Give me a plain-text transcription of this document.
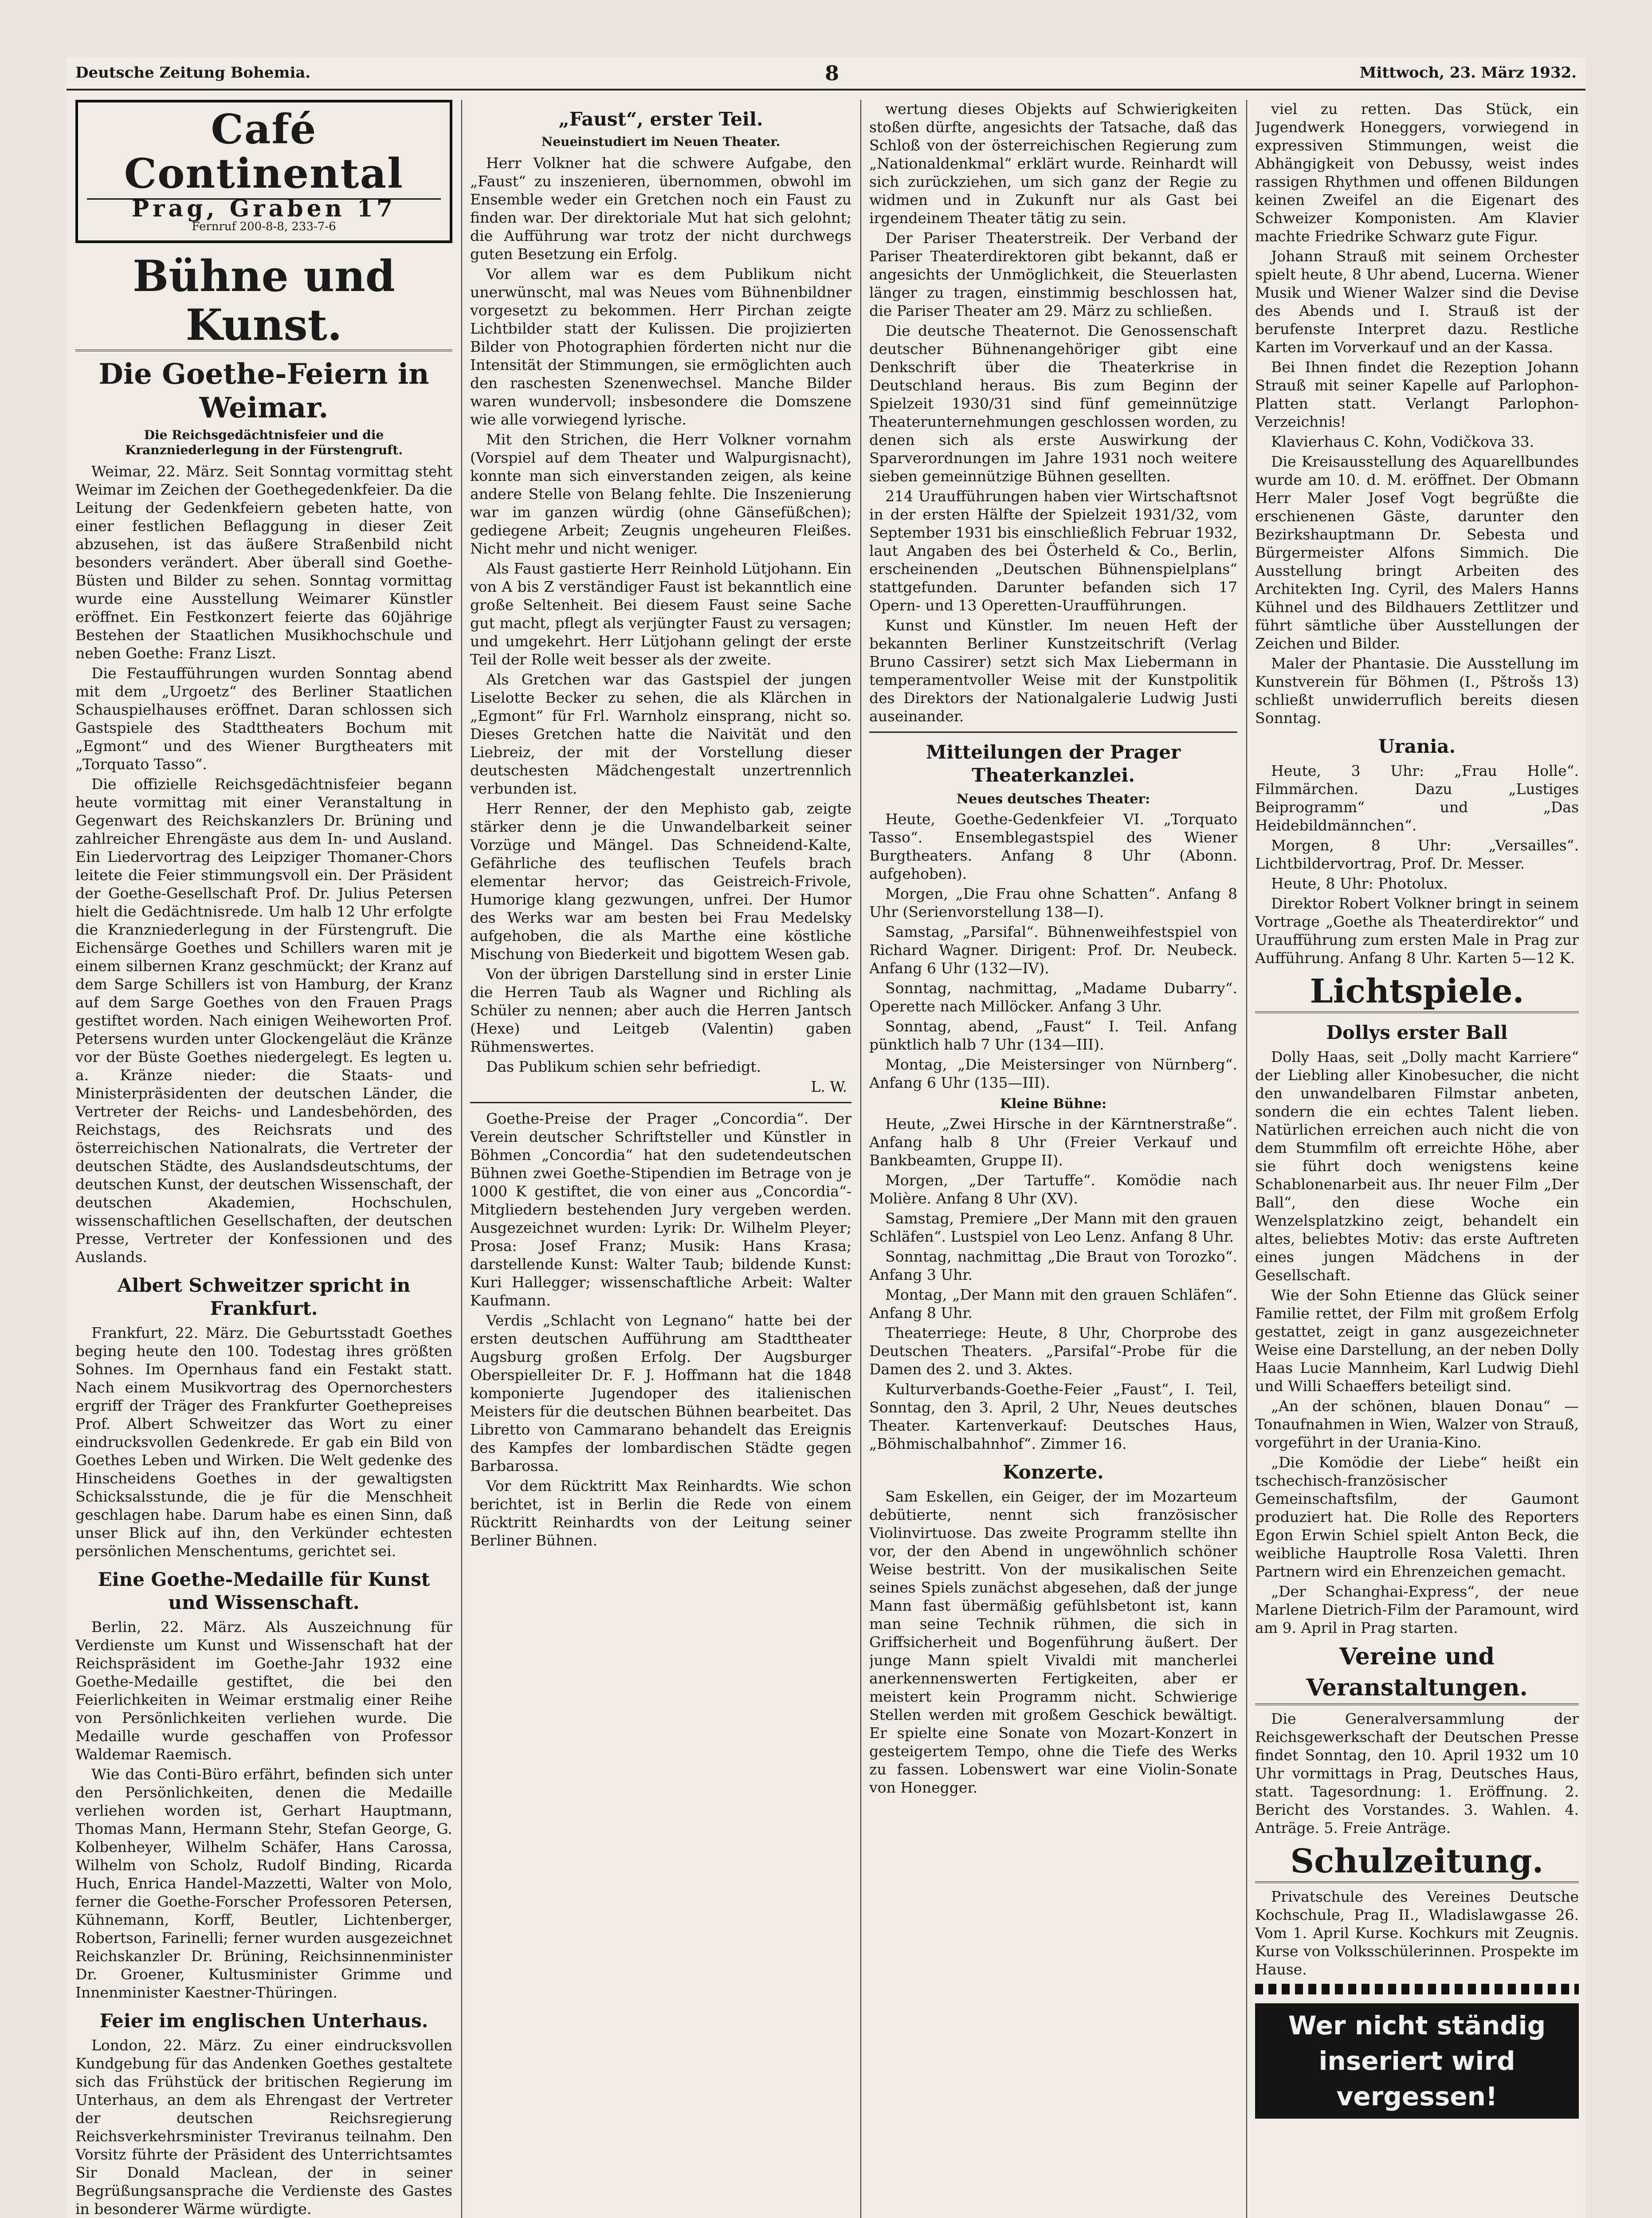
Deutsche Zeitung Bohemia.	8	Mittwoch, 23. März 1932.
Café Continental
Prag, Graben 17
Fernruf 200-8-8, 233-7-6
Bühne und Kunst.
Die Goethe-Feiern in Weimar.
Die Reichsgedächtnisfeier und die Kranzniederlegung in der Fürstengruft.

Weimar, 22. März. Seit Sonntag vormittag steht Weimar im Zeichen der Goethegedenkfeier. Da die Leitung der Gedenkfeiern gebeten hatte, von einer festlichen Beflaggung in dieser Zeit abzusehen, ist das äußere Straßenbild nicht besonders verändert. Aber überall sind Goethe-Büsten und Bilder zu sehen. Sonntag vormittag wurde eine Ausstellung Weimarer Künstler eröffnet. Ein Festkonzert feierte das 60jährige Bestehen der Staatlichen Musikhochschule und neben Goethe: Franz Liszt.

Die Festaufführungen wurden Sonntag abend mit dem „Urgoetz“ des Berliner Staatlichen Schauspielhauses eröffnet. Daran schlossen sich Gastspiele des Stadttheaters Bochum mit „Egmont“ und des Wiener Burgtheaters mit „Torquato Tasso“.

Die offizielle Reichsgedächtnisfeier begann heute vormittag mit einer Veranstaltung in Gegenwart des Reichskanzlers Dr. Brüning und zahlreicher Ehrengäste aus dem In- und Ausland. Ein Liedervortrag des Leipziger Thomaner-Chors leitete die Feier stimmungsvoll ein. Der Präsident der Goethe-Gesellschaft Prof. Dr. Julius Petersen hielt die Gedächtnisrede. Um halb 12 Uhr erfolgte die Kranzniederlegung in der Fürstengruft. Die Eichensärge Goethes und Schillers waren mit je einem silbernen Kranz geschmückt; der Kranz auf dem Sarge Schillers ist von Hamburg, der Kranz auf dem Sarge Goethes von den Frauen Prags gestiftet worden. Nach einigen Weiheworten Prof. Petersens wurden unter Glockengeläut die Kränze vor der Büste Goethes niedergelegt. Es legten u. a. Kränze nieder: die Staats- und Ministerpräsidenten der deutschen Länder, die Vertreter der Reichs- und Landesbehörden, des Reichstags, des Reichsrats und des österreichischen Nationalrats, die Vertreter der deutschen Städte, des Auslandsdeutschtums, der deutschen Kunst, der deutschen Wissenschaft, der deutschen Akademien, Hochschulen, wissenschaftlichen Gesellschaften, der deutschen Presse, Vertreter der Konfessionen und des Auslands.

Albert Schweitzer spricht in Frankfurt.

Frankfurt, 22. März. Die Geburtsstadt Goethes beging heute den 100. Todestag ihres größten Sohnes. Im Opernhaus fand ein Festakt statt. Nach einem Musikvortrag des Opernorchesters ergriff der Träger des Frankfurter Goethepreises Prof. Albert Schweitzer das Wort zu einer eindrucksvollen Gedenkrede. Er gab ein Bild von Goethes Leben und Wirken. Die Welt gedenke des Hinscheidens Goethes in der gewaltigsten Schicksalsstunde, die je für die Menschheit geschlagen habe. Darum habe es einen Sinn, daß unser Blick auf ihn, den Verkünder echtesten persönlichen Menschentums, gerichtet sei.

Eine Goethe-Medaille für Kunst und Wissenschaft.

Berlin, 22. März. Als Auszeichnung für Verdienste um Kunst und Wissenschaft hat der Reichspräsident im Goethe-Jahr 1932 eine Goethe-Medaille gestiftet, die bei den Feierlichkeiten in Weimar erstmalig einer Reihe von Persönlichkeiten verliehen wurde. Die Medaille wurde geschaffen von Professor Waldemar Raemisch.

Wie das Conti-Büro erfährt, befinden sich unter den Persönlichkeiten, denen die Medaille verliehen worden ist, Gerhart Hauptmann, Thomas Mann, Hermann Stehr, Stefan George, G. Kolbenheyer, Wilhelm Schäfer, Hans Carossa, Wilhelm von Scholz, Rudolf Binding, Ricarda Huch, Enrica Handel-Mazzetti, Walter von Molo, ferner die Goethe-Forscher Professoren Petersen, Kühnemann, Korff, Beutler, Lichtenberger, Robertson, Farinelli; ferner wurden ausgezeichnet Reichskanzler Dr. Brüning, Reichsinnenminister Dr. Groener, Kultusminister Grimme und Innenminister Kaestner-Thüringen.

Feier im englischen Unterhaus.

London, 22. März. Zu einer eindrucksvollen Kundgebung für das Andenken Goethes gestaltete sich das Frühstück der britischen Regierung im Unterhaus, an dem als Ehrengast der Vertreter der deutschen Reichsregierung Reichsverkehrsminister Treviranus teilnahm. Den Vorsitz führte der Präsident des Unterrichtsamtes Sir Donald Maclean, der in seiner Begrüßungsansprache die Verdienste des Gastes in besonderer Wärme würdigte.

„Faust“, erster Teil.
Neueinstudiert im Neuen Theater.

Herr Volkner hat die schwere Aufgabe, den „Faust“ zu inszenieren, übernommen, obwohl im Ensemble weder ein Gretchen noch ein Faust zu finden war. Der direktoriale Mut hat sich gelohnt; die Aufführung war trotz der nicht durchwegs guten Besetzung ein Erfolg.

Vor allem war es dem Publikum nicht unerwünscht, mal was Neues vom Bühnenbildner vorgesetzt zu bekommen. Herr Pirchan zeigte Lichtbilder statt der Kulissen. Die projizierten Bilder von Photographien förderten nicht nur die Intensität der Stimmungen, sie ermöglichten auch den raschesten Szenenwechsel. Manche Bilder waren wundervoll; insbesondere die Domszene wie alle vorwiegend lyrische.

Mit den Strichen, die Herr Volkner vornahm (Vorspiel auf dem Theater und Walpurgisnacht), konnte man sich einverstanden zeigen, als keine andere Stelle von Belang fehlte. Die Inszenierung war im ganzen würdig (ohne Gänsefüßchen); gediegene Arbeit; Zeugnis ungeheuren Fleißes. Nicht mehr und nicht weniger.

Als Faust gastierte Herr Reinhold Lütjohann. Ein von A bis Z verständiger Faust ist bekanntlich eine große Seltenheit. Bei diesem Faust seine Sache gut macht, pflegt als verjüngter Faust zu versagen; und umgekehrt. Herr Lütjohann gelingt der erste Teil der Rolle weit besser als der zweite.

Als Gretchen war das Gastspiel der jungen Liselotte Becker zu sehen, die als Klärchen in „Egmont“ für Frl. Warnholz einsprang, nicht so. Dieses Gretchen hatte die Naivität und den Liebreiz, der mit der Vorstellung dieser deutschesten Mädchengestalt unzertrennlich verbunden ist.

Herr Renner, der den Mephisto gab, zeigte stärker denn je die Unwandelbarkeit seiner Vorzüge und Mängel. Das Schneidend-Kalte, Gefährliche des teuflischen Teufels brach elementar hervor; das Geistreich-Frivole, Humorige klang gezwungen, unfrei. Der Humor des Werks war am besten bei Frau Medelsky aufgehoben, die als Marthe eine köstliche Mischung von Biederkeit und bigottem Wesen gab.

Von der übrigen Darstellung sind in erster Linie die Herren Taub als Wagner und Richling als Schüler zu nennen; aber auch die Herren Jantsch (Hexe) und Leitgeb (Valentin) gaben Rühmenswertes.

Das Publikum schien sehr befriedigt.

L. W.

Goethe-Preise der Prager „Concordia“. Der Verein deutscher Schriftsteller und Künstler in Böhmen „Concordia“ hat den sudetendeutschen Bühnen zwei Goethe-Stipendien im Betrage von je 1000 K gestiftet, die von einer aus „Concordia“-Mitgliedern bestehenden Jury vergeben werden. Ausgezeichnet wurden: Lyrik: Dr. Wilhelm Pleyer; Prosa: Josef Franz; Musik: Hans Krasa; darstellende Kunst: Walter Taub; bildende Kunst: Kuri Hallegger; wissenschaftliche Arbeit: Walter Kaufmann.

Verdis „Schlacht von Legnano“ hatte bei der ersten deutschen Aufführung am Stadttheater Augsburg großen Erfolg. Der Augsburger Oberspielleiter Dr. F. J. Hoffmann hat die 1848 komponierte Jugendoper des italienischen Meisters für die deutschen Bühnen bearbeitet. Das Libretto von Cammarano behandelt das Ereignis des Kampfes der lombardischen Städte gegen Barbarossa.

Vor dem Rücktritt Max Reinhardts. Wie schon berichtet, ist in Berlin die Rede von einem Rücktritt Reinhardts von der Leitung seiner Berliner Bühnen.

wertung dieses Objekts auf Schwierigkeiten stoßen dürfte, angesichts der Tatsache, daß das Schloß von der österreichischen Regierung zum „Nationaldenkmal“ erklärt wurde. Reinhardt will sich zurückziehen, um sich ganz der Regie zu widmen und in Zukunft nur als Gast bei irgendeinem Theater tätig zu sein.

Der Pariser Theaterstreik. Der Verband der Pariser Theaterdirektoren gibt bekannt, daß er angesichts der Unmöglichkeit, die Steuerlasten länger zu tragen, einstimmig beschlossen hat, die Pariser Theater am 29. März zu schließen.

Die deutsche Theaternot. Die Genossenschaft deutscher Bühnenangehöriger gibt eine Denkschrift über die Theaterkrise in Deutschland heraus. Bis zum Beginn der Spielzeit 1930/31 sind fünf gemeinnützige Theaterunternehmungen geschlossen worden, zu denen sich als erste Auswirkung der Sparverordnungen im Jahre 1931 noch weitere sieben gemeinnützige Bühnen gesellten.

214 Uraufführungen haben vier Wirtschaftsnot in der ersten Hälfte der Spielzeit 1931/32, vom September 1931 bis einschließlich Februar 1932, laut Angaben des bei Österheld & Co., Berlin, erscheinenden „Deutschen Bühnenspielplans“ stattgefunden. Darunter befanden sich 17 Opern- und 13 Operetten-Uraufführungen.

Kunst und Künstler. Im neuen Heft der bekannten Berliner Kunstzeitschrift (Verlag Bruno Cassirer) setzt sich Max Liebermann in temperamentvoller Weise mit der Kunstpolitik des Direktors der Nationalgalerie Ludwig Justi auseinander.

Mitteilungen der Prager Theaterkanzlei.
Neues deutsches Theater:

Heute, Goethe-Gedenkfeier VI. „Torquato Tasso“. Ensemblegastspiel des Wiener Burgtheaters. Anfang 8 Uhr (Abonn. aufgehoben).

Morgen, „Die Frau ohne Schatten“. Anfang 8 Uhr (Serienvorstellung 138—I).

Samstag, „Parsifal“. Bühnenweihfestspiel von Richard Wagner. Dirigent: Prof. Dr. Neubeck. Anfang 6 Uhr (132—IV).

Sonntag, nachmittag, „Madame Dubarry“. Operette nach Millöcker. Anfang 3 Uhr.

Sonntag, abend, „Faust“ I. Teil. Anfang pünktlich halb 7 Uhr (134—III).

Montag, „Die Meistersinger von Nürnberg“. Anfang 6 Uhr (135—III).

Kleine Bühne:

Heute, „Zwei Hirsche in der Kärntnerstraße“. Anfang halb 8 Uhr (Freier Verkauf und Bankbeamten, Gruppe II).

Morgen, „Der Tartuffe“. Komödie nach Molière. Anfang 8 Uhr (XV).

Samstag, Premiere „Der Mann mit den grauen Schläfen“. Lustspiel von Leo Lenz. Anfang 8 Uhr.

Sonntag, nachmittag „Die Braut von Torozko“. Anfang 3 Uhr.

Montag, „Der Mann mit den grauen Schläfen“. Anfang 8 Uhr.

Theaterriege: Heute, 8 Uhr, Chorprobe des Deutschen Theaters. „Parsifal“-Probe für die Damen des 2. und 3. Aktes.

Kulturverbands-Goethe-Feier „Faust“, I. Teil, Sonntag, den 3. April, 2 Uhr, Neues deutsches Theater. Kartenverkauf: Deutsches Haus, „Böhmischalbahnhof“. Zimmer 16.

Konzerte.

Sam Eskellen, ein Geiger, der im Mozarteum debütierte, nennt sich französischer Violinvirtuose. Das zweite Programm stellte ihn vor, der den Abend in ungewöhnlich schöner Weise bestritt. Von der musikalischen Seite seines Spiels zunächst abgesehen, daß der junge Mann fast übermäßig gefühlsbetont ist, kann man seine Technik rühmen, die sich in Griffsicherheit und Bogenführung äußert. Der junge Mann spielt Vivaldi mit mancherlei anerkennenswerten Fertigkeiten, aber er meistert kein Programm nicht. Schwierige Stellen werden mit großem Geschick bewältigt. Er spielte eine Sonate von Mozart-Konzert in gesteigertem Tempo, ohne die Tiefe des Werks zu fassen. Lobenswert war eine Violin-Sonate von Honegger.

viel zu retten. Das Stück, ein Jugendwerk Honeggers, vorwiegend in expressiven Stimmungen, weist die Abhängigkeit von Debussy, weist indes rassigen Rhythmen und offenen Bildungen keinen Zweifel an die Eigenart des Schweizer Komponisten. Am Klavier machte Friedrike Schwarz gute Figur.

Johann Strauß mit seinem Orchester spielt heute, 8 Uhr abend, Lucerna. Wiener Musik und Wiener Walzer sind die Devise des Abends und I. Strauß ist der berufenste Interpret dazu. Restliche Karten im Vorverkauf und an der Kassa.

Bei Ihnen findet die Rezeption Johann Strauß mit seiner Kapelle auf Parlophon-Platten statt. Verlangt Parlophon-Verzeichnis!

Klavierhaus C. Kohn, Vodičkova 33.

Die Kreisausstellung des Aquarellbundes wurde am 10. d. M. eröffnet. Der Obmann Herr Maler Josef Vogt begrüßte die erschienenen Gäste, darunter den Bezirkshauptmann Dr. Sebesta und Bürgermeister Alfons Simmich. Die Ausstellung bringt Arbeiten des Architekten Ing. Cyril, des Malers Hanns Kühnel und des Bildhauers Zettlitzer und führt sämtliche über Ausstellungen der Zeichen und Bilder.

Maler der Phantasie. Die Ausstellung im Kunstverein für Böhmen (I., Pštrošs 13) schließt unwiderruflich bereits diesen Sonntag.

Urania.

Heute, 3 Uhr: „Frau Holle“. Filmmärchen. Dazu „Lustiges Beiprogramm“ und „Das Heidebildmännchen“.

Morgen, 8 Uhr: „Versailles“. Lichtbildervortrag, Prof. Dr. Messer.

Heute, 8 Uhr: Photolux.

Direktor Robert Volkner bringt in seinem Vortrage „Goethe als Theaterdirektor“ und Uraufführung zum ersten Male in Prag zur Aufführung. Anfang 8 Uhr. Karten 5—12 K.

Lichtspiele.
Dollys erster Ball

Dolly Haas, seit „Dolly macht Karriere“ der Liebling aller Kinobesucher, die nicht den unwandelbaren Filmstar anbeten, sondern die ein echtes Talent lieben. Natürlichen erreichen auch nicht die von dem Stummfilm oft erreichte Höhe, aber sie führt doch wenigstens keine Schablonenarbeit aus. Ihr neuer Film „Der Ball“, den diese Woche ein Wenzelsplatzkino zeigt, behandelt ein altes, beliebtes Motiv: das erste Auftreten eines jungen Mädchens in der Gesellschaft.

Wie der Sohn Etienne das Glück seiner Familie rettet, der Film mit großem Erfolg gestattet, zeigt in ganz ausgezeichneter Weise eine Darstellung, an der neben Dolly Haas Lucie Mannheim, Karl Ludwig Diehl und Willi Schaeffers beteiligt sind.

„An der schönen, blauen Donau“ — Tonaufnahmen in Wien, Walzer von Strauß, vorgeführt in der Urania-Kino.

„Die Komödie der Liebe“ heißt ein tschechisch-französischer Gemeinschaftsfilm, der Gaumont produziert hat. Die Rolle des Reporters Egon Erwin Schiel spielt Anton Beck, die weibliche Hauptrolle Rosa Valetti. Ihren Partnern wird ein Ehrenzeichen gemacht.

„Der Schanghai-Express“, der neue Marlene Dietrich-Film der Paramount, wird am 9. April in Prag starten.

Vereine und Veranstaltungen.

Die Generalversammlung der Reichsgewerkschaft der Deutschen Presse findet Sonntag, den 10. April 1932 um 10 Uhr vormittags in Prag, Deutsches Haus, statt. Tagesordnung: 1. Eröffnung. 2. Bericht des Vorstandes. 3. Wahlen. 4. Anträge. 5. Freie Anträge.

Schulzeitung.

Privatschule des Vereines Deutsche Kochschule, Prag II., Wladislawgasse 26. Vom 1. April Kurse. Kochkurs mit Zeugnis. Kurse von Volksschülerinnen. Prospekte im Hause.

Wer nicht ständig inseriert wird vergessen!
